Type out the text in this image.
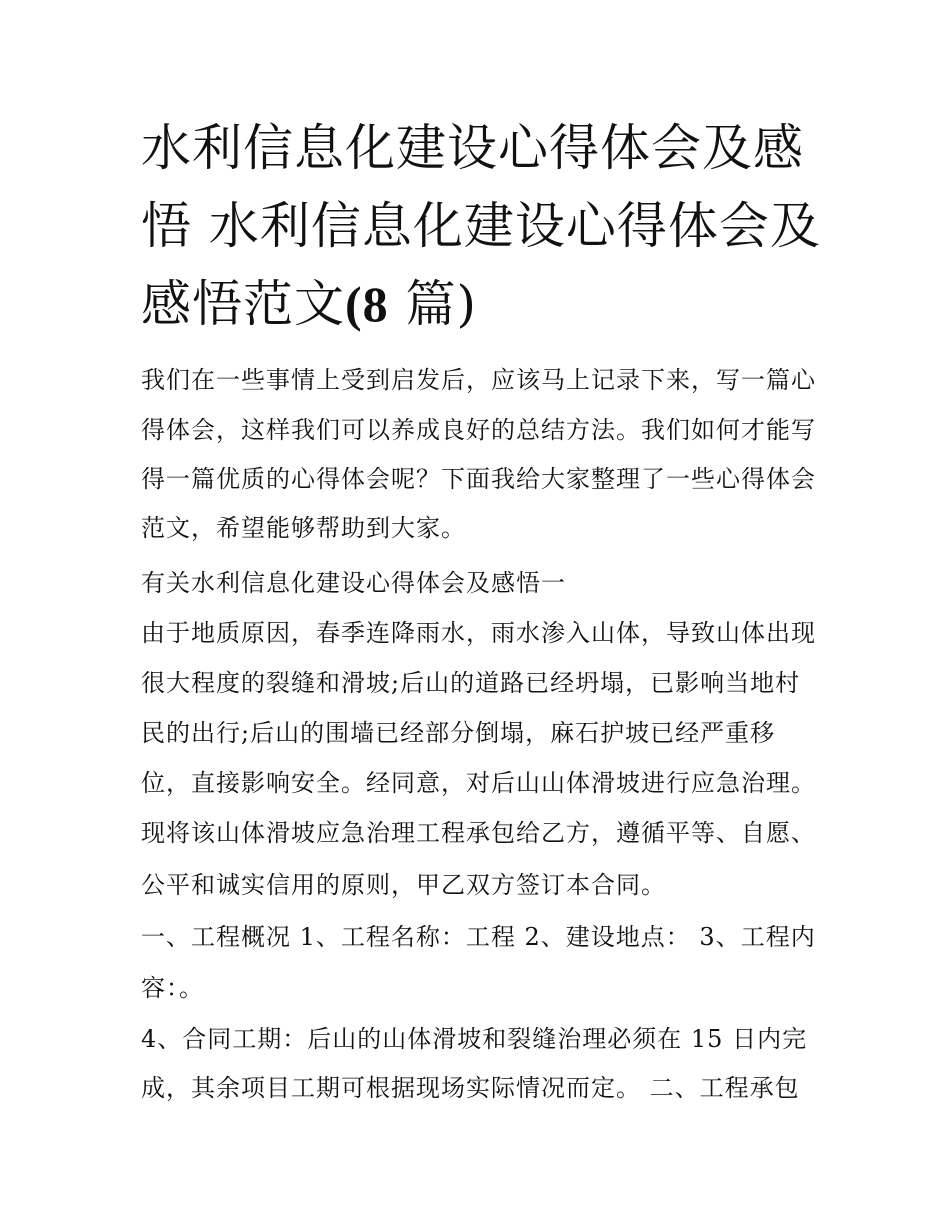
水利信息化建设心得体会及感
悟 水利信息化建设心得体会及
感悟范文(8 篇)
我们在一些事情上受到启发后，应该马上记录下来，写一篇心
得体会，这样我们可以养成良好的总结方法。我们如何才能写
得一篇优质的心得体会呢？下面我给大家整理了一些心得体会
范文，希望能够帮助到大家。
有关水利信息化建设心得体会及感悟一
由于地质原因，春季连降雨水，雨水渗入山体，导致山体出现
很大程度的裂缝和滑坡;后山的道路已经坍塌，已影响当地村
民的出行;后山的围墙已经部分倒塌，麻石护坡已经严重移
位，直接影响安全。经同意，对后山山体滑坡进行应急治理。
现将该山体滑坡应急治理工程承包给乙方，遵循平等、自愿、
公平和诚实信用的原则，甲乙双方签订本合同。
一、工程概况 1、工程名称：工程 2、建设地点： 3、工程内
容：。
4、合同工期：后山的山体滑坡和裂缝治理必须在 15 日内完
成，其余项目工期可根据现场实际情况而定。 二、工程承包
